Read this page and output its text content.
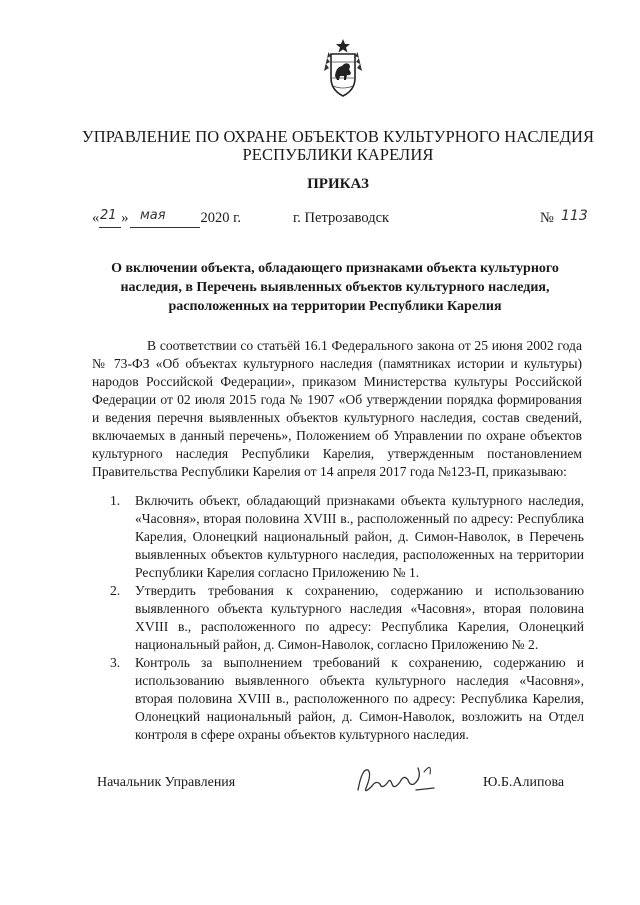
УПРАВЛЕНИЕ ПО ОХРАНЕ ОБЪЕКТОВ КУЛЬТУРНОГО НАСЛЕДИЯ
РЕСПУБЛИКИ КАРЕЛИЯ
ПРИКАЗ
« »	2020 г.
21 мая	г. Петрозаводск	№ 113
О включении объекта, обладающего признаками объекта культурного
наследия, в Перечень выявленных объектов культурного наследия,
расположенных на территории Республики Карелия
В соответствии со статьёй 16.1 Федерального закона от 25 июня 2002 года № 73-ФЗ «Об объектах культурного наследия (памятниках истории и культуры) народов Российской Федерации», приказом Министерства культуры Российской Федерации от 02 июля 2015 года № 1907 «Об утверждении порядка формирования и ведения перечня выявленных объектов культурного наследия, состав сведений, включаемых в данный перечень», Положением об Управлении по охране объектов культурного наследия Республики Карелия, утвержденным постановлением Правительства Республики Карелия от 14 апреля 2017 года №123-П, приказываю:
1. Включить объект, обладающий признаками объекта культурного наследия, «Часовня», вторая половина XVIII в., расположенный по адресу: Республика Карелия, Олонецкий национальный район, д. Симон-Наволок, в Перечень выявленных объектов культурного наследия, расположенных на территории Республики Карелия согласно Приложению № 1.
2. Утвердить требования к сохранению, содержанию и использованию выявленного объекта культурного наследия «Часовня», вторая половина XVIII в., расположенного по адресу: Республика Карелия, Олонецкий национальный район, д. Симон-Наволок, согласно Приложению № 2.
3. Контроль за выполнением требований к сохранению, содержанию и использованию выявленного объекта культурного наследия «Часовня», вторая половина XVIII в., расположенного по адресу: Республика Карелия, Олонецкий национальный район, д. Симон-Наволок, возложить на Отдел контроля в сфере охраны объектов культурного наследия.
Начальник Управления	Ю.Б.Алипова
